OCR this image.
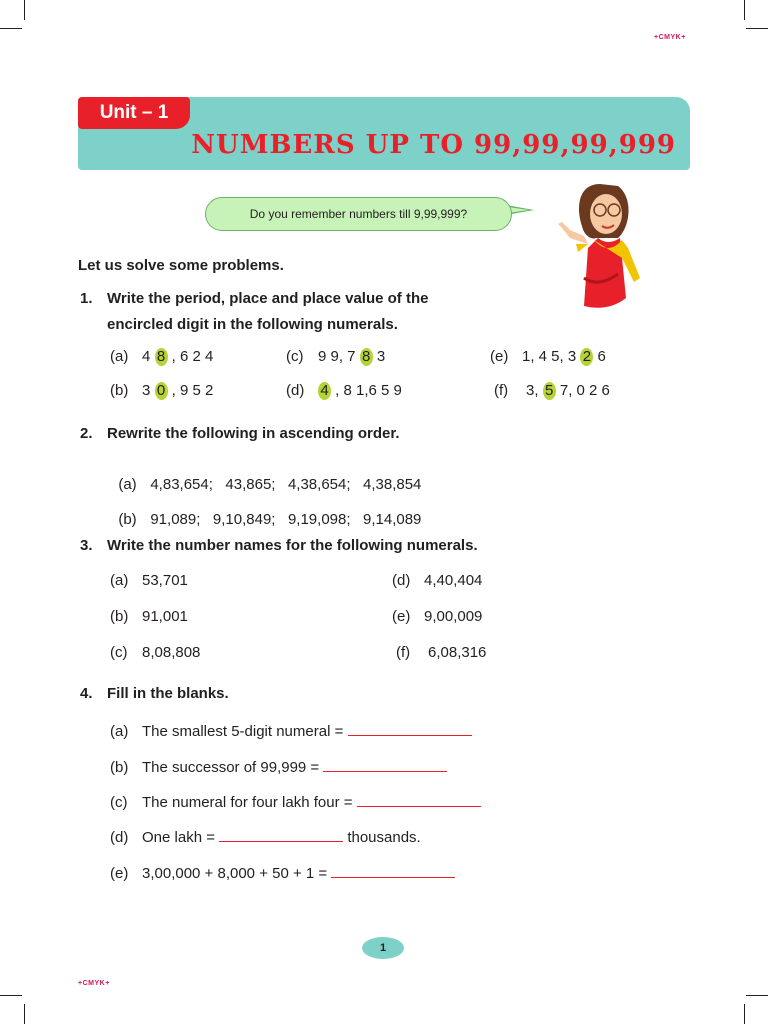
+CMYK+
+CMYK+
Unit – 1
NUMBERS UP TO 99,99,99,999
Do you remember numbers till 9,99,999?
Let us solve some problems.
1. Write the period, place and place value of the
encircled digit in the following numerals.
(a) 4 8 , 6 2 4
(b) 3 0 , 9 5 2
(c) 9 9, 7 8 3
(d) 4 , 8 1,6 5 9
(e) 1, 4 5, 3 2 6
(f) 3, 5 7, 0 2 6
2. Rewrite the following in ascending order.

(a) 4,83,654;   43,865;   4,38,654;   4,38,854

(b) 91,089;   9,10,849;   9,19,098;   9,14,089

3. Write the number names for the following numerals.
(a) 53,701
(b) 91,001
(c) 8,08,808
(d) 4,40,404
(e) 9,00,009
(f) 6,08,316
4. Fill in the blanks.
(a) The smallest 5-digit numeral =
(b) The successor of 99,999 =
(c) The numeral for four lakh four =
(d) One lakh =	thousands.
(e) 3,00,000 + 8,000 + 50 + 1 =
1
